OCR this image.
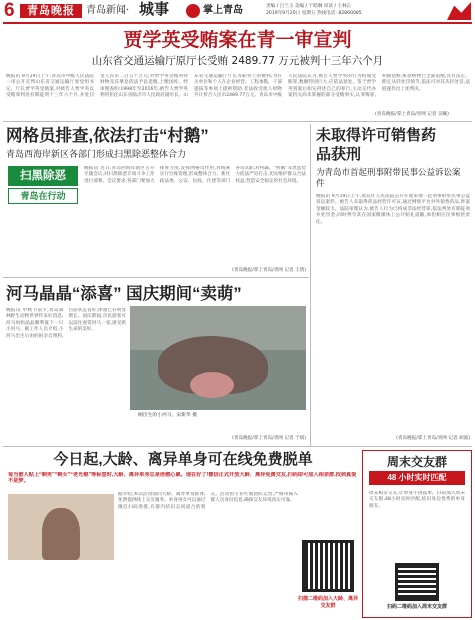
6	青岛晚报	青岛新闻· 城事	掌上青岛	责编 / 吕兰玉 美编 / 于皓琳 审读 / 王林正
2019年9月20日 星期五 热线电话: 82860085
贾学英受贿案在青一审宣判
山东省交通运输厅原厅长受贿 2489.77 万元被判十三年六个月
晚报讯 9月19日上午,青岛市中级人民法院一审公开宣判山东省交通运输厅原党组书记、厅长贾学英受贿案,对被告人贾学英以受贿罪判处有期徒刑十三年六个月,并处罚金人民币二百五十万元;对贾学英受贿所得财物及其孳息依法予以追缴,上缴国库。经审理查明:1998年至2016年,被告人贾学英利用担任山东省临沂市人民政府副市长、山东省交通运输厅厅长等职务上的便利,为有关单位和个人在企业经营、工程承揽、干部提拔等事项上提供帮助,非法收受他人财物共计折合人民币2489.77万元。青岛市中级人民法院认为,被告人贾学英的行为构成受贿罪,数额特别巨大,应依法惩处。鉴于贾学英到案后如实供述自己的罪行,主动交代办案机关尚未掌握的部分受贿事实,认罪悔罪,积极退赃,赃款赃物已全部追缴,具有法定、酌定从轻处罚情节,依法可对其从轻处罚,法庭遂作出上述判决。
(青岛晚报/掌上青岛/青网 记者 吴曦)
网格员排查,依法打击“村鹅”
青岛西海岸新区各部门形成扫黑除恶整体合力
扫黑除恶
青岛在行动
晚报讯 近日,青岛西海岸新区召开专题会议,对扫黑除恶专项斗争工作进行部署。会议要求,各部门要加大排查力度,发挥网格员作用,对线索实行台账管理,形成整体合力。新区政法委、公安、民政、住建等部门各司其职,对村霸、“村鹅”等黑恶势力依法严厉打击,切实维护群众合法权益,营造安全稳定的社会环境。
(青岛晚报/掌上青岛/青网 记者 王倩)
未取得许可销售药品获刑
为青岛市首起刑事附带民事公益诉讼案件
晚报讯 9月19日上午,黄岛区人民法院公开开庭审理一起刑事附带民事公益诉讼案件。被告人未取得药品经营许可证,通过网络平台对外销售药品,涉案金额较大。法院审理认为,被告人行为已构成非法经营罪,依法判处有期徒刑并处罚金,同时判令其在国家级媒体上公开赔礼道歉,承担相应民事赔偿责任。
(青岛晚报/掌上青岛/青网 记者 胡波)
河马晶晶“添喜” 国庆期间“卖萌”
晚报讯 中秋节前夕,青岛森林野生动物世界传来好消息,河马妈妈晶晶顺利诞下一只小河马。据工作人员介绍,小河马出生后由妈妈亲自照料,目前状态良好,体重已有明显增长。国庆期间,市民游客可以前往观赏河马一家,感受新生命的美好。
刚出生的小河马。宋新华 摄
(青岛晚报/掌上青岛/青网 记者 于斌)
今日起,大龄、离异单身可在线免费脱单
每当被人贴上“剩男”“剩女”“老光棍”等标签时,大龄、离异单身总是倍感心累。现在好了!微信正式开放大龄、离异免费交友,扫码即可加入相亲群,找到真爱不是梦。
据介绍,本次活动面向大龄、离异单身群体,免费提供线上交友服务。单身男女可以通过微信扫码进群,在群内结识志同道合的朋友。活动由专业红娘团队运营,严格审核入群人员身份信息,确保交友环境真实可靠。
扫描二维码加入大龄、离异交友群
周末交友群
48 小时实时匹配
周末相亲交友,让单身不再孤单。扫码加入周末交友群,48小时实时匹配,结识身边优秀的单身朋友。
扫码二维码加入周末交友群
